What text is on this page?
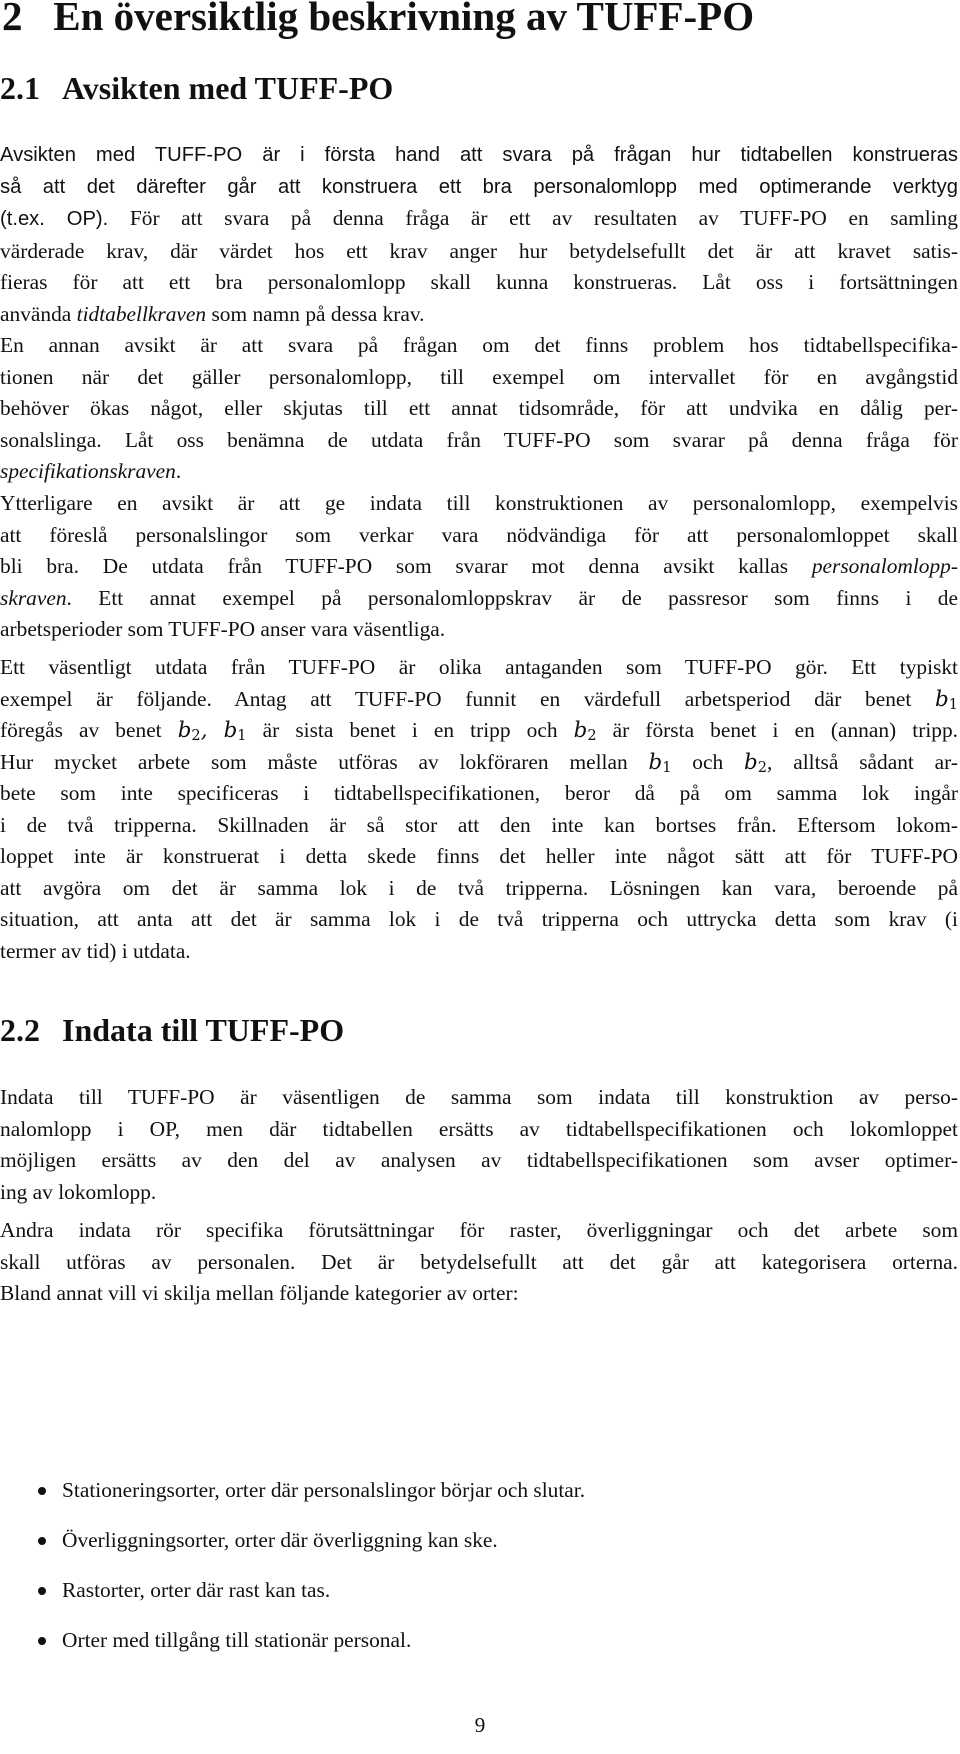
2 En översiktlig beskrivning av TUFF-PO
2.1 Avsikten med TUFF-PO
Avsikten med TUFF-PO är i första hand att svara på frågan hur tidtabellen konstrueras
så att det därefter går att konstruera ett bra personalomlopp med optimerande verktyg
(t.ex. OP). För att svara på denna fråga är ett av resultaten av TUFF-PO en samling
värderade krav, där värdet hos ett krav anger hur betydelsefullt det är att kravet satis-
fieras för att ett bra personalomlopp skall kunna konstrueras. Låt oss i fortsättningen
använda tidtabellkraven som namn på dessa krav.
En annan avsikt är att svara på frågan om det finns problem hos tidtabellspecifika-
tionen när det gäller personalomlopp, till exempel om intervallet för en avgångstid
behöver ökas något, eller skjutas till ett annat tidsområde, för att undvika en dålig per-
sonalslinga. Låt oss benämna de utdata från TUFF-PO som svarar på denna fråga för
specifikationskraven.
Ytterligare en avsikt är att ge indata till konstruktionen av personalomlopp, exempelvis
att föreslå personalslingor som verkar vara nödvändiga för att personalomloppet skall
bli bra. De utdata från TUFF-PO som svarar mot denna avsikt kallas personalomlopp-
skraven. Ett annat exempel på personalomloppskrav är de passresor som finns i de
arbetsperioder som TUFF-PO anser vara väsentliga.
Ett väsentligt utdata från TUFF-PO är olika antaganden som TUFF-PO gör. Ett typiskt
exempel är följande. Antag att TUFF-PO funnit en värdefull arbetsperiod där benet $b_1$
föregås av benet $b_2$, $b_1$ är sista benet i en tripp och $b_2$ är första benet i en (annan) tripp.
Hur mycket arbete som måste utföras av lokföraren mellan $b_1$ och $b_2$, alltså sådant ar-
bete som inte specificeras i tidtabellspecifikationen, beror då på om samma lok ingår
i de två tripperna. Skillnaden är så stor att den inte kan bortses från. Eftersom lokom-
loppet inte är konstruerat i detta skede finns det heller inte något sätt att för TUFF-PO
att avgöra om det är samma lok i de två tripperna. Lösningen kan vara, beroende på
situation, att anta att det är samma lok i de två tripperna och uttrycka detta som krav (i
termer av tid) i utdata.
2.2 Indata till TUFF-PO
Indata till TUFF-PO är väsentligen de samma som indata till konstruktion av perso-
nalomlopp i OP, men där tidtabellen ersätts av tidtabellspecifikationen och lokomloppet
möjligen ersätts av den del av analysen av tidtabellspecifikationen som avser optimer-
ing av lokomlopp.
Andra indata rör specifika förutsättningar för raster, överliggningar och det arbete som
skall utföras av personalen. Det är betydelsefullt att det går att kategorisera orterna.
Bland annat vill vi skilja mellan följande kategorier av orter:
Stationeringsorter, orter där personalslingor börjar och slutar.
Överliggningsorter, orter där överliggning kan ske.
Rastorter, orter där rast kan tas.
Orter med tillgång till stationär personal.
9
